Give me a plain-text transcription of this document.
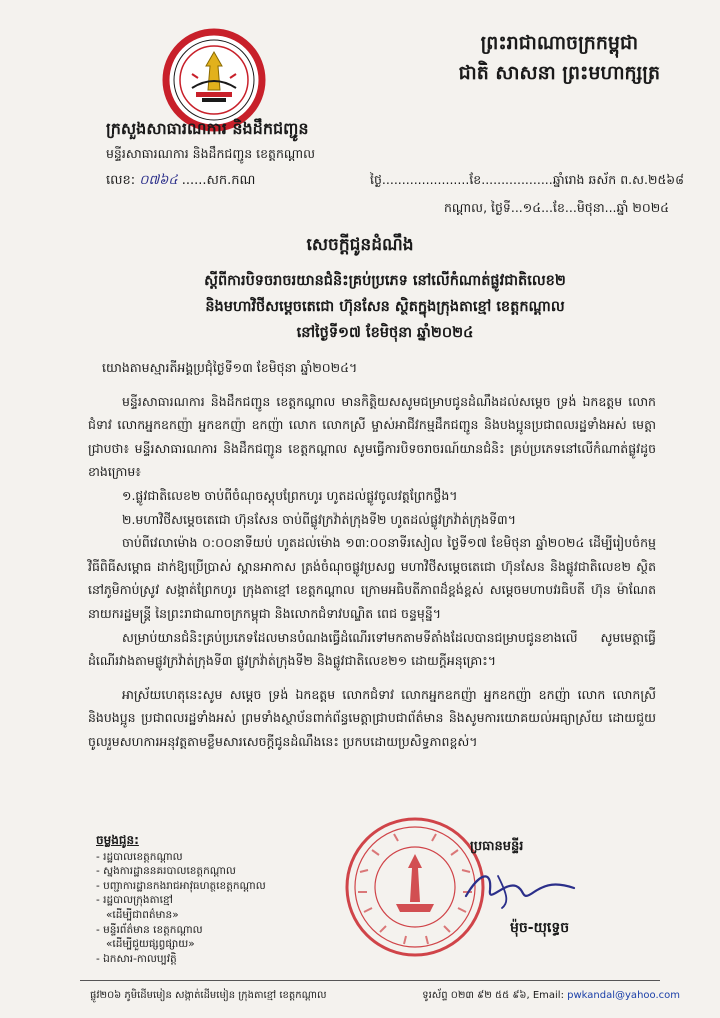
ព្រះរាជាណាចក្រកម្ពុជា
ជាតិ សាសនា ព្រះមហាក្សត្រ
ក្រសួងសាធារណការ និងដឹកជញ្ជូន
មន្ទីរសាធារណការ និងដឹកជញ្ជូន ខេត្តកណ្តាល
លេខ: ០៧៦៤ ......សក.កណ	ថ្ងៃ......................ខែ..................ឆ្នាំរោង ឆស័ក ព.ស.២៥៦៨
កណ្ដាល, ថ្ងៃទី...១៤...ខែ...មិថុនា...ឆ្នាំ ២០២៤
សេចក្តីជូនដំណឹង
ស្តីពីការបិទចរាចរយានជំនិះគ្រប់ប្រភេទ នៅលើកំណាត់ផ្លូវជាតិលេខ២
និងមហាវិថីសម្តេចតេជោ ហ៊ុនសែន ស្ថិតក្នុងក្រុងតាខ្មៅ ខេត្តកណ្តាល
នៅថ្ងៃទី១៧ ខែមិថុនា ឆ្នាំ២០២៤

យោងតាមស្មារតីអង្គប្រជុំថ្ងៃទី១៣ ខែមិថុនា ឆ្នាំ២០២៤។

មន្ទីរសាធារណការ និងដឹកជញ្ជូន ខេត្តកណ្តាល មានកិត្តិយសសូមជម្រាបជូនដំណឹងដល់សម្តេច ទ្រង់ ឯកឧត្តម លោកជំទាវ លោកអ្នកឧកញ៉ា អ្នកឧកញ៉ា ឧកញ៉ា លោក លោកស្រី ម្ចាស់អាជីវកម្មដឹកជញ្ជូន និងបងប្អូនប្រជាពលរដ្ឋទាំងអស់ មេត្តាជ្រាបថា៖ មន្ទីរសាធារណការ និងដឹកជញ្ជូន ខេត្តកណ្តាល សូមធ្វើការបិទចរាចរណ៍យានជំនិះ គ្រប់ប្រភេទនៅលើកំណាត់ផ្លូវដូចខាងក្រោម៖

១.ផ្លូវជាតិលេខ២ ចាប់ពីចំណុចស្តុបព្រែកហូរ ហូតដល់ផ្លូវចូលវត្តព្រែកថ្លឹង។

២.មហាវិថីសម្តេចតេជោ ហ៊ុនសែន ចាប់ពីផ្លូវក្រវ៉ាត់ក្រុងទី២ ហូតដល់ផ្លូវក្រវ៉ាត់ក្រុងទី៣។

ចាប់ពីវេលាម៉ោង ០:០០នាទីយប់ ហូតដល់ម៉ោង ១៣:០០នាទីរសៀល ថ្ងៃទី១៧ ខែមិថុនា ឆ្នាំ២០២៤ ដើម្បីរៀបចំកម្មវិធីពិធីសម្ពោធ ដាក់ឱ្យប្រើប្រាស់ ស្ពានអាកាស ត្រង់ចំណុចផ្លូវប្រសព្វ មហាវិថីសម្តេចតេជោ ហ៊ុនសែន និងផ្លូវជាតិលេខ២ ស្ថិតនៅភូមិកាប់ស្រូវ សង្កាត់ព្រែកហូរ ក្រុងតាខ្មៅ ខេត្តកណ្តាល ក្រោមអធិបតីភាពដ៏ខ្ពង់ខ្ពស់ សម្តេចមហាបវរធិបតី ហ៊ុន ម៉ាណែត នាយករដ្ឋមន្ត្រី នៃព្រះរាជាណាចក្រកម្ពុជា និងលោកជំទាវបណ្ឌិត ពេជ ចន្ទមុន្នី។

សម្រាប់យានជំនិះគ្រប់ប្រភេទដែលមានបំណងធ្វើដំណើរទៅមកតាមទីតាំងដែលបានជម្រាបជូនខាងលើ សូមមេត្តាធ្វើដំណើរវាងតាមផ្លូវក្រវ៉ាត់ក្រុងទី៣ ផ្លូវក្រវ៉ាត់ក្រុងទី២ និងផ្លូវជាតិលេខ២១ ដោយក្តីអនុគ្រោះ។

អាស្រ័យហេតុនេះសូម សម្តេច ទ្រង់ ឯកឧត្តម លោកជំទាវ លោកអ្នកឧកញ៉ា អ្នកឧកញ៉ា ឧកញ៉ា លោក លោកស្រី និងបងប្អូន ប្រជាពលរដ្ឋទាំងអស់ ព្រមទាំងស្ថាប័នពាក់ព័ន្ធមេត្តាជ្រាបជាព័ត៌មាន និងសូមការយោគយល់អធ្យាស្រ័យ ដោយជួយចូលរួមសហការអនុវត្តតាមខ្លឹមសារសេចក្តីជូនដំណឹងនេះ ប្រកបដោយប្រសិទ្ធភាពខ្ពស់។

ចម្លងជូន:
- រដ្ឋបាលខេត្តកណ្តាល
- ស្នងការដ្ឋាននគរបាលខេត្តកណ្តាល
- បញ្ជាការដ្ឋានកងរាជអាវុធហត្ថខេត្តកណ្តាល
- រដ្ឋបាលក្រុងតាខ្មៅ
«ដើម្បីជាពត៌មាន»
- មន្ទីរព័ត៌មាន ខេត្តកណ្តាល
«ដើម្បីជួយផ្សព្វផ្សាយ»
- ឯកសារ-កាលប្បវត្តិ
ប្រធានមន្ទីរ
ម៉ុច-យុទ្ធេច
ផ្លូវ២០៦ ភូមិដើមមៀន សង្កាត់ដើមមៀន ក្រុងតាខ្មៅ ខេត្តកណ្តាល	ទូរស័ព្ទ ០២៣ ៩២ ៥៥ ៩៦, Email: pwkandal@yahoo.com
